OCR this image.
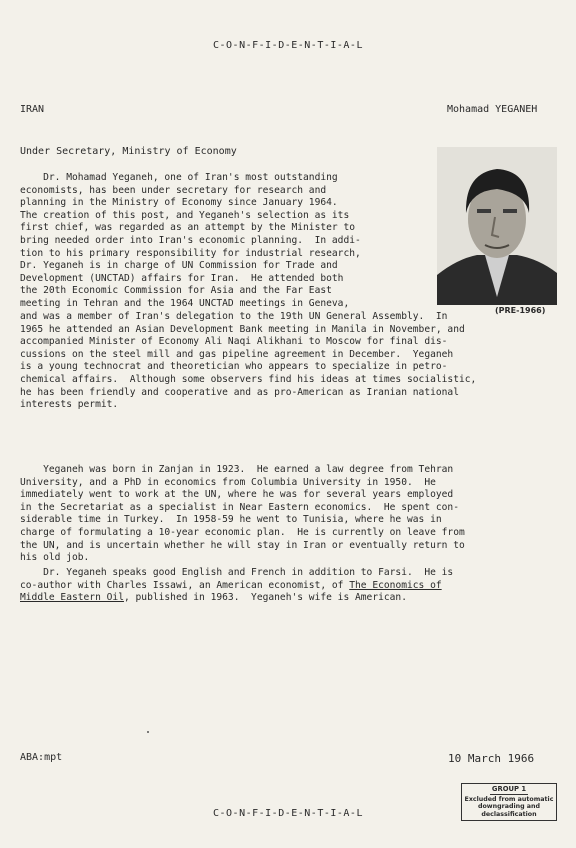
C-O-N-F-I-D-E-N-T-I-A-L
IRAN	Mohamad YEGANEH
Under Secretary, Ministry of Economy
(PRE-1966)
Dr. Mohamad Yeganeh, one of Iran's most outstanding
economists, has been under secretary for research and
planning in the Ministry of Economy since January 1964.
The creation of this post, and Yeganeh's selection as its
first chief, was regarded as an attempt by the Minister to
bring needed order into Iran's economic planning.  In addi-
tion to his primary responsibility for industrial research,
Dr. Yeganeh is in charge of UN Commission for Trade and
Development (UNCTAD) affairs for Iran.  He attended both
the 20th Economic Commission for Asia and the Far East
meeting in Tehran and the 1964 UNCTAD meetings in Geneva,
and was a member of Iran's delegation to the 19th UN General Assembly.  In
1965 he attended an Asian Development Bank meeting in Manila in November, and
accompanied Minister of Economy Ali Naqi Alikhani to Moscow for final dis-
cussions on the steel mill and gas pipeline agreement in December.  Yeganeh
is a young technocrat and theoretician who appears to specialize in petro-
chemical affairs.  Although some observers find his ideas at times socialistic,
he has been friendly and cooperative and as pro-American as Iranian national
interests permit.
Yeganeh was born in Zanjan in 1923.  He earned a law degree from Tehran
University, and a PhD in economics from Columbia University in 1950.  He
immediately went to work at the UN, where he was for several years employed
in the Secretariat as a specialist in Near Eastern economics.  He spent con-
siderable time in Turkey.  In 1958-59 he went to Tunisia, where he was in
charge of formulating a 10-year economic plan.  He is currently on leave from
the UN, and is uncertain whether he will stay in Iran or eventually return to
his old job.
Dr. Yeganeh speaks good English and French in addition to Farsi.  He is
co-author with Charles Issawi, an American economist, of The Economics of
Middle Eastern Oil, published in 1963.  Yeganeh's wife is American.
ABA:mpt	10 March 1966
GROUP 1
Excluded from automatic
downgrading and
declassification
C-O-N-F-I-D-E-N-T-I-A-L
